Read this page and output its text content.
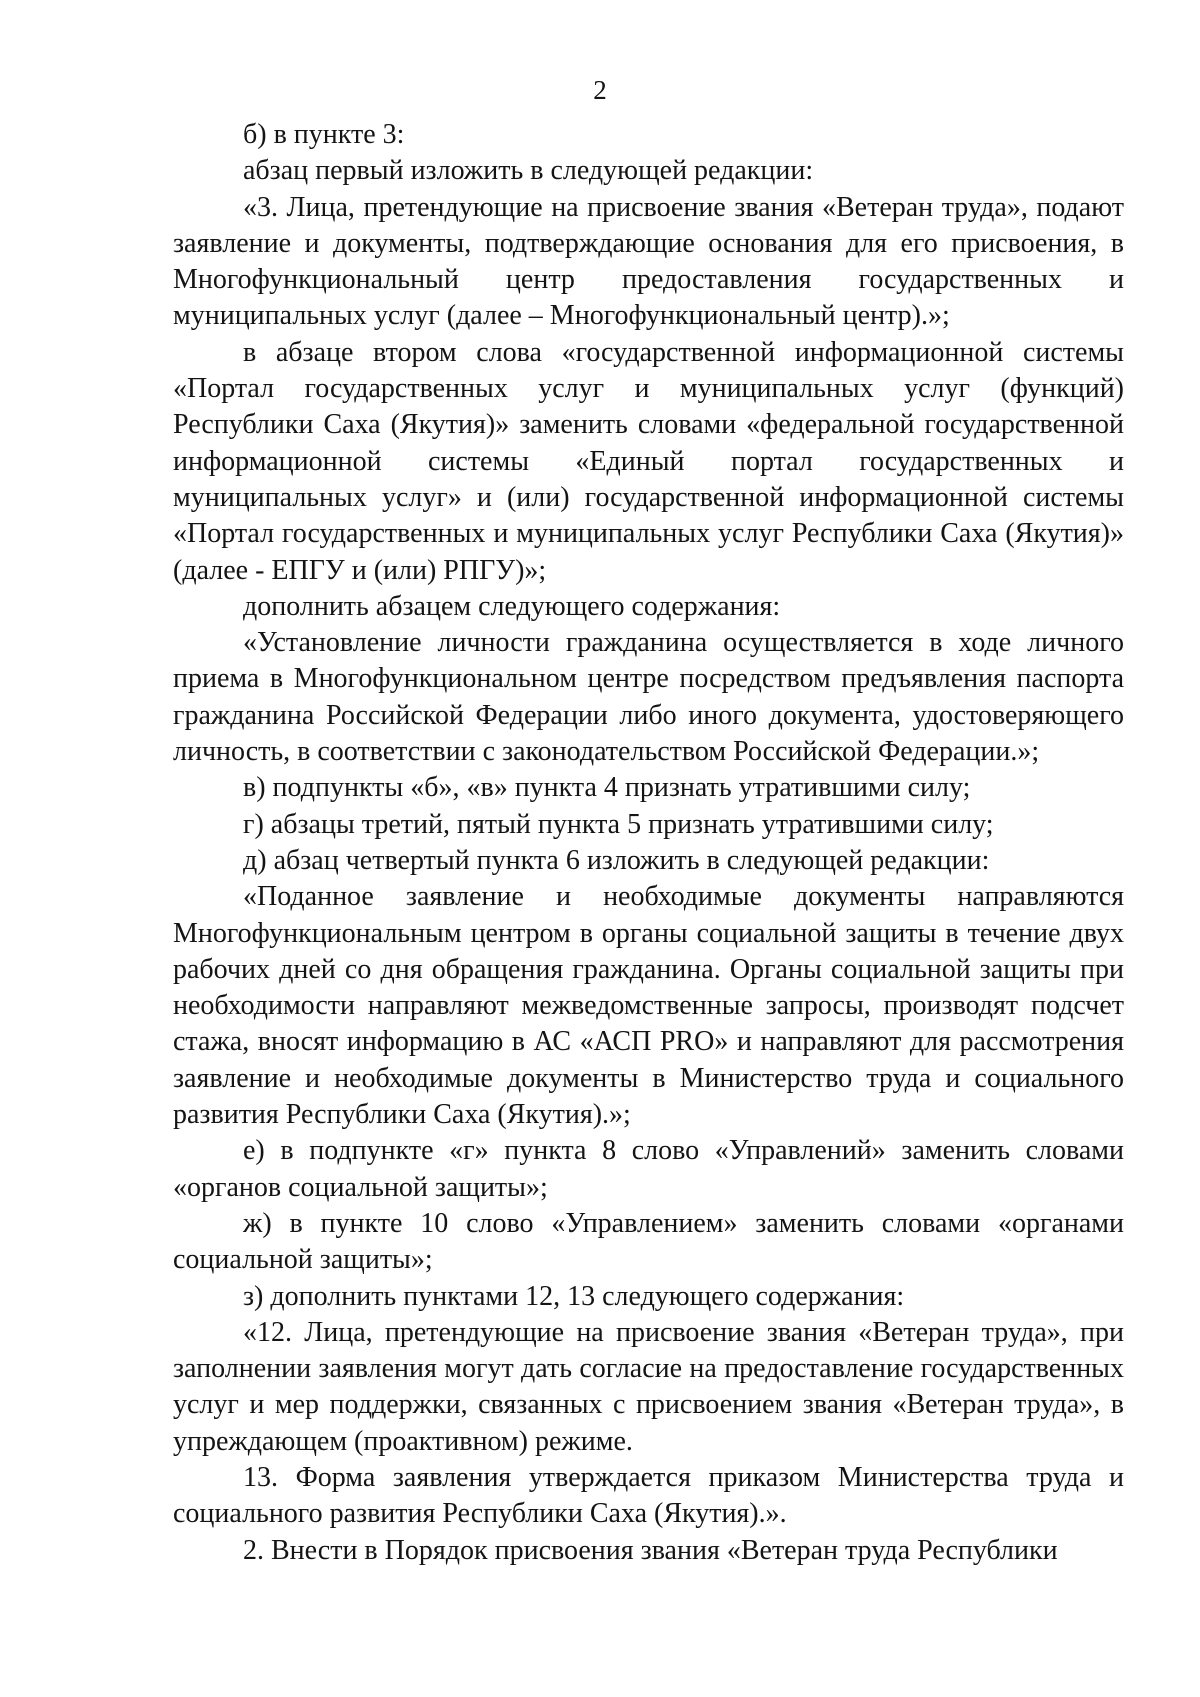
2

б) в пункте 3:

абзац первый изложить в следующей редакции:

«3. Лица, претендующие на присвоение звания «Ветеран труда», подают заявление и документы, подтверждающие основания для его присвоения, в Многофункциональный центр предоставления государственных и муниципальных услуг (далее – Многофункциональный центр).»;

в абзаце втором слова «государственной информационной системы «Портал государственных услуг и муниципальных услуг (функций) Республики Саха (Якутия)» заменить словами «федеральной государственной информационной системы «Единый портал государственных и муниципальных услуг» и (или) государственной информационной системы «Портал государственных и муниципальных услуг Республики Саха (Якутия)» (далее - ЕПГУ и (или) РПГУ)»;

дополнить абзацем следующего содержания:

«Установление личности гражданина осуществляется в ходе личного приема в Многофункциональном центре посредством предъявления паспорта гражданина Российской Федерации либо иного документа, удостоверяющего личность, в соответствии с законодательством Российской Федерации.»;

в) подпункты «б», «в» пункта 4 признать утратившими силу;

г) абзацы третий, пятый пункта 5 признать утратившими силу;

д) абзац четвертый пункта 6 изложить в следующей редакции:

«Поданное заявление и необходимые документы направляются Многофункциональным центром в органы социальной защиты в течение двух рабочих дней со дня обращения гражданина. Органы социальной защиты при необходимости направляют межведомственные запросы, производят подсчет стажа, вносят информацию в АС «АСП PRO» и направляют для рассмотрения заявление и необходимые документы в Министерство труда и социального развития Республики Саха (Якутия).»;

е) в подпункте «г» пункта 8 слово «Управлений» заменить словами «органов социальной защиты»;

ж) в пункте 10 слово «Управлением» заменить словами «органами социальной защиты»;

з) дополнить пунктами 12, 13 следующего содержания:

«12. Лица, претендующие на присвоение звания «Ветеран труда», при заполнении заявления могут дать согласие на предоставление государственных услуг и мер поддержки, связанных с присвоением звания «Ветеран труда», в упреждающем (проактивном) режиме.

13. Форма заявления утверждается приказом Министерства труда и социального развития Республики Саха (Якутия).».

2. Внести в Порядок присвоения звания «Ветеран труда Республики
